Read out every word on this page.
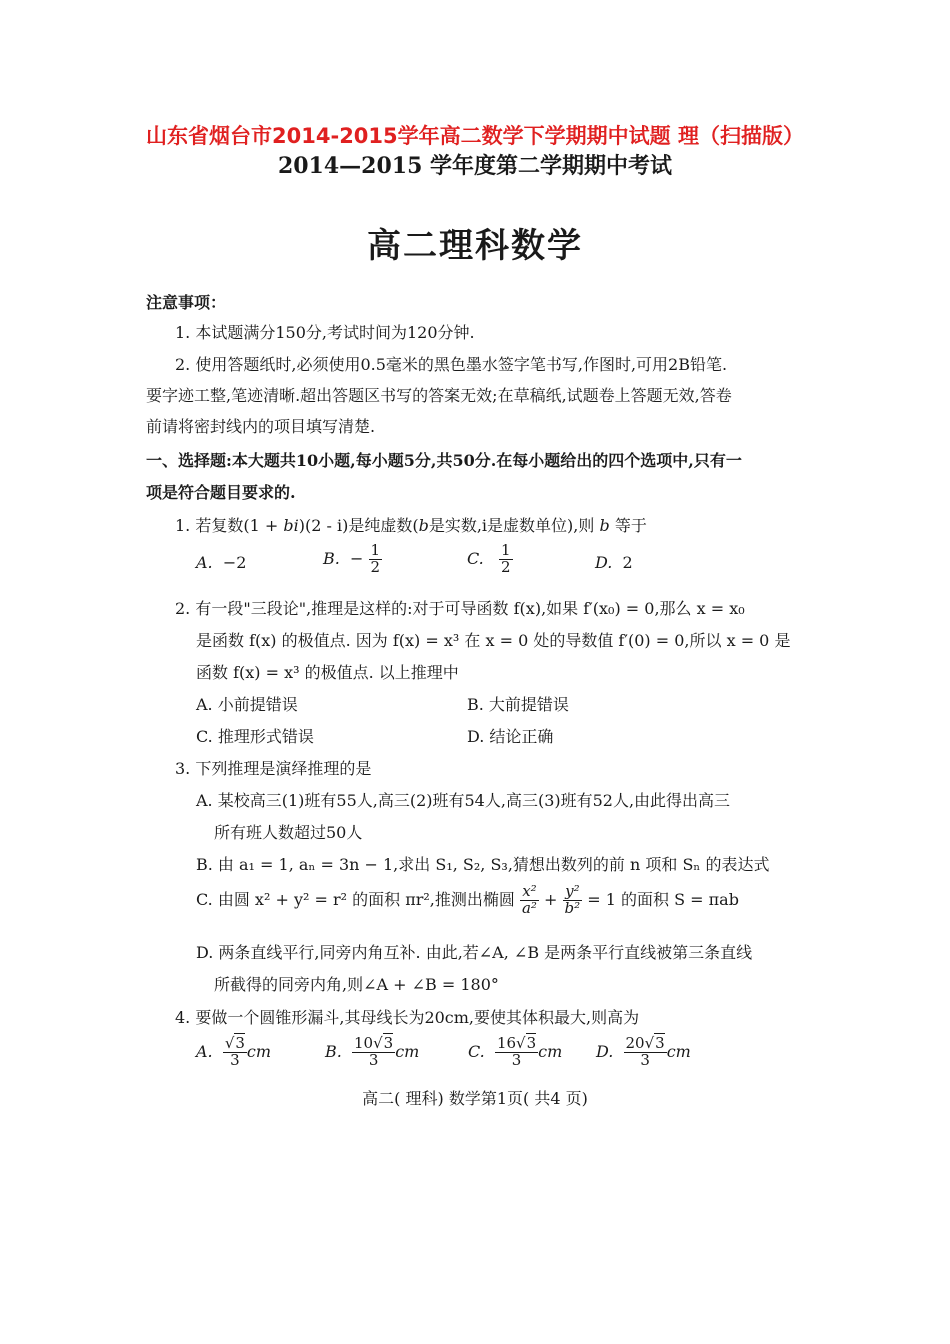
山东省烟台市2014-2015学年高二数学下学期期中试题 理（扫描版）
2014—2015 学年度第二学期期中考试
高二理科数学
注意事项：
1. 本试题满分150分,考试时间为120分钟.
2. 使用答题纸时,必须使用0.5毫米的黑色墨水签字笔书写,作图时,可用2B铅笔.
要字迹工整,笔迹清晰.超出答题区书写的答案无效;在草稿纸,试题卷上答题无效,答卷
前请将密封线内的项目填写清楚.
一、选择题:本大题共10小题,每小题5分,共50分.在每小题给出的四个选项中,只有一
项是符合题目要求的.
1. 若复数(1 + bi)(2 - i)是纯虚数(b是实数,i是虚数单位),则 b 等于
A. −2	B. − $\frac{1}{2}$	C. $\frac{1}{2}$	D. 2
2. 有一段"三段论",推理是这样的:对于可导函数 f(x),如果 f′(x₀) = 0,那么 x = x₀
是函数 f(x) 的极值点. 因为 f(x) = x³ 在 x = 0 处的导数值 f′(0) = 0,所以 x = 0 是
函数 f(x) = x³ 的极值点. 以上推理中
A. 小前提错误	B. 大前提错误
C. 推理形式错误	D. 结论正确
3. 下列推理是演绎推理的是
A. 某校高三(1)班有55人,高三(2)班有54人,高三(3)班有52人,由此得出高三
所有班人数超过50人
B. 由 a₁ = 1, aₙ = 3n − 1,求出 S₁, S₂, S₃,猜想出数列的前 n 项和 Sₙ 的表达式
C. 由圆 x² + y² = r² 的面积 πr²,推测出椭圆 $\frac{\text{x²}}{\text{a²}} + \frac{\text{y²}}{\text{b²}} = 1$ 的面积 S = πab
D. 两条直线平行,同旁内角互补. 由此,若∠A, ∠B 是两条平行直线被第三条直线
所截得的同旁内角,则∠A + ∠B = 180°
4. 要做一个圆锥形漏斗,其母线长为20cm,要使其体积最大,则高为
A. $\frac{√3}{3}$ cm	B. $\frac{10√3}{3}$ cm	C. $\frac{16√3}{3}$ cm D. $\frac{20√3}{3}$ cm
高二( 理科) 数学第1页( 共4 页)
